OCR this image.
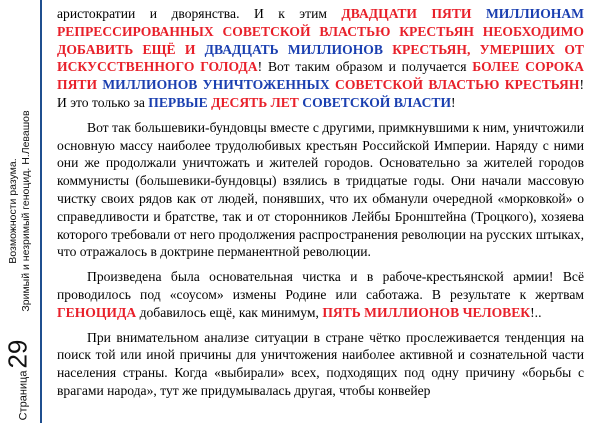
Возможности разума. Зримый и незримый геноцид. Н.Левашов
Страница29

аристократии и дворянства. И к этим ДВАДЦАТИ ПЯТИ МИЛЛИОНАМ РЕПРЕССИРОВАННЫХ СОВЕТСКОЙ ВЛАСТЬЮ КРЕСТЬЯН НЕОБХОДИМО ДОБАВИТЬ ЕЩЁ И ДВАДЦАТЬ МИЛЛИОНОВ КРЕСТЬЯН, УМЕРШИХ ОТ ИСКУССТВЕННОГО ГОЛОДА! Вот таким образом и получается БОЛЕЕ СОРОКА ПЯТИ МИЛЛИОНОВ УНИЧТОЖЕННЫХ СОВЕТСКОЙ ВЛАСТЬЮ КРЕСТЬЯН! И это только за ПЕРВЫЕ ДЕСЯТЬ ЛЕТ СОВЕТСКОЙ ВЛАСТИ!

Вот так большевики-бундовцы вместе с другими, примкнувшими к ним, уничтожили основную массу наиболее трудолюбивых крестьян Российской Империи. Наряду с ними они же продолжали уничтожать и жителей городов. Основательно за жителей городов коммунисты (большевики-бундовцы) взялись в тридцатые годы. Они начали массовую чистку своих рядов как от людей, понявших, что их обманули очередной «морковкой» о справедливости и братстве, так и от сторонников Лейбы Бронштейна (Троцкого), хозяева которого требовали от него продолжения распространения революции на русских штыках, что отражалось в доктрине перманентной революции.

Произведена была основательная чистка и в рабоче-крестьянской армии! Всё проводилось под «соусом» измены Родине или саботажа. В результате к жертвам ГЕНОЦИДА добавилось ещё, как минимум, ПЯТЬ МИЛЛИОНОВ ЧЕЛОВЕК!..

При внимательном анализе ситуации в стране чётко прослеживается тенденция на поиск той или иной причины для уничтожения наиболее активной и сознательной части населения страны. Когда «выбирали» всех, подходящих под одну причину «борьбы с врагами народа», тут же придумывалась другая, чтобы конвейер
